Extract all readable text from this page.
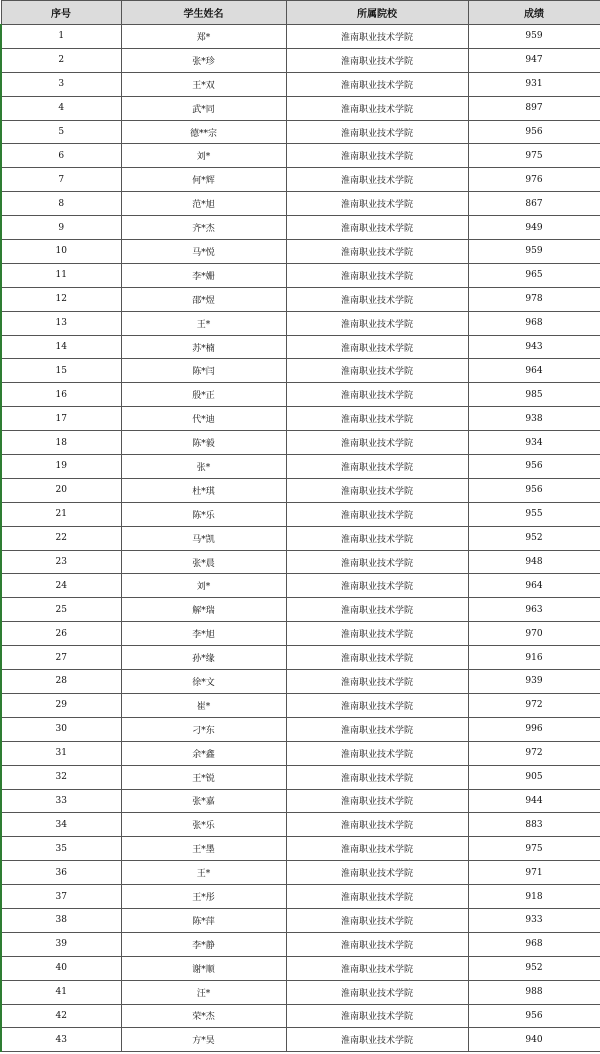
序号	学生姓名	所属院校	成绩
1	郑*	淮南职业技术学院	959
2	张*珍	淮南职业技术学院	947
3	王*双	淮南职业技术学院	931
4	武*同	淮南职业技术学院	897
5	德**宗	淮南职业技术学院	956
6	刘*	淮南职业技术学院	975
7	何*辉	淮南职业技术学院	976
8	范*旭	淮南职业技术学院	867
9	齐*杰	淮南职业技术学院	949
10	马*悦	淮南职业技术学院	959
11	李*姗	淮南职业技术学院	965
12	邵*煜	淮南职业技术学院	978
13	王*	淮南职业技术学院	968
14	苏*楠	淮南职业技术学院	943
15	陈*闫	淮南职业技术学院	964
16	殷*正	淮南职业技术学院	985
17	代*迪	淮南职业技术学院	938
18	陈*毅	淮南职业技术学院	934
19	张*	淮南职业技术学院	956
20	杜*琪	淮南职业技术学院	956
21	陈*乐	淮南职业技术学院	955
22	马*凯	淮南职业技术学院	952
23	张*晨	淮南职业技术学院	948
24	刘*	淮南职业技术学院	964
25	解*瑞	淮南职业技术学院	963
26	李*旭	淮南职业技术学院	970
27	孙*缘	淮南职业技术学院	916
28	徐*文	淮南职业技术学院	939
29	崔*	淮南职业技术学院	972
30	刁*东	淮南职业技术学院	996
31	余*鑫	淮南职业技术学院	972
32	王*锐	淮南职业技术学院	905
33	张*嘉	淮南职业技术学院	944
34	张*乐	淮南职业技术学院	883
35	王*墨	淮南职业技术学院	975
36	王*	淮南职业技术学院	971
37	王*彤	淮南职业技术学院	918
38	陈*萍	淮南职业技术学院	933
39	李*静	淮南职业技术学院	968
40	谢*顺	淮南职业技术学院	952
41	汪*	淮南职业技术学院	988
42	荣*杰	淮南职业技术学院	956
43	方*昊	淮南职业技术学院	940
